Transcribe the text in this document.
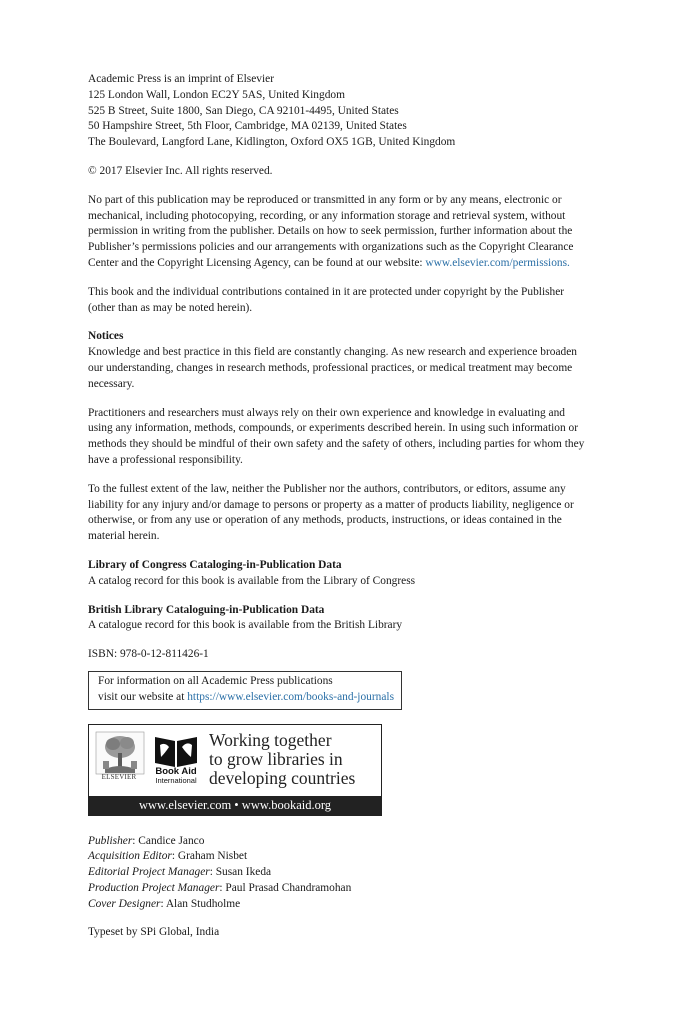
Academic Press is an imprint of Elsevier

125 London Wall, London EC2Y 5AS, United Kingdom

525 B Street, Suite 1800, San Diego, CA 92101-4495, United States

50 Hampshire Street, 5th Floor, Cambridge, MA 02139, United States

The Boulevard, Langford Lane, Kidlington, Oxford OX5 1GB, United Kingdom

© 2017 Elsevier Inc. All rights reserved.

No part of this publication may be reproduced or transmitted in any form or by any means, electronic or mechanical, including photocopying, recording, or any information storage and retrieval system, without permission in writing from the publisher. Details on how to seek permission, further information about the Publisher’s permissions policies and our arrangements with organizations such as the Copyright Clearance Center and the Copyright Licensing Agency, can be found at our website: www.elsevier.com/permissions.

This book and the individual contributions contained in it are protected under copyright by the Publisher (other than as may be noted herein).

Notices

Knowledge and best practice in this field are constantly changing. As new research and experience broaden our understanding, changes in research methods, professional practices, or medical treatment may become necessary.

Practitioners and researchers must always rely on their own experience and knowledge in evaluating and using any information, methods, compounds, or experiments described herein. In using such information or methods they should be mindful of their own safety and the safety of others, including parties for whom they have a professional responsibility.

To the fullest extent of the law, neither the Publisher nor the authors, contributors, or editors, assume any liability for any injury and/or damage to persons or property as a matter of products liability, negligence or otherwise, or from any use or operation of any methods, products, instructions, or ideas contained in the material herein.

Library of Congress Cataloging-in-Publication Data

A catalog record for this book is available from the Library of Congress

British Library Cataloguing-in-Publication Data

A catalogue record for this book is available from the British Library

ISBN: 978-0-12-811426-1

For information on all Academic Press publications

visit our website at https://www.elsevier.com/books-and-journals

ELSEVIER	Book Aid
International
Working together
to grow libraries in
developing countries
www.elsevier.com • www.bookaid.org

Publisher: Candice Janco

Acquisition Editor: Graham Nisbet

Editorial Project Manager: Susan Ikeda

Production Project Manager: Paul Prasad Chandramohan

Cover Designer: Alan Studholme

Typeset by SPi Global, India
